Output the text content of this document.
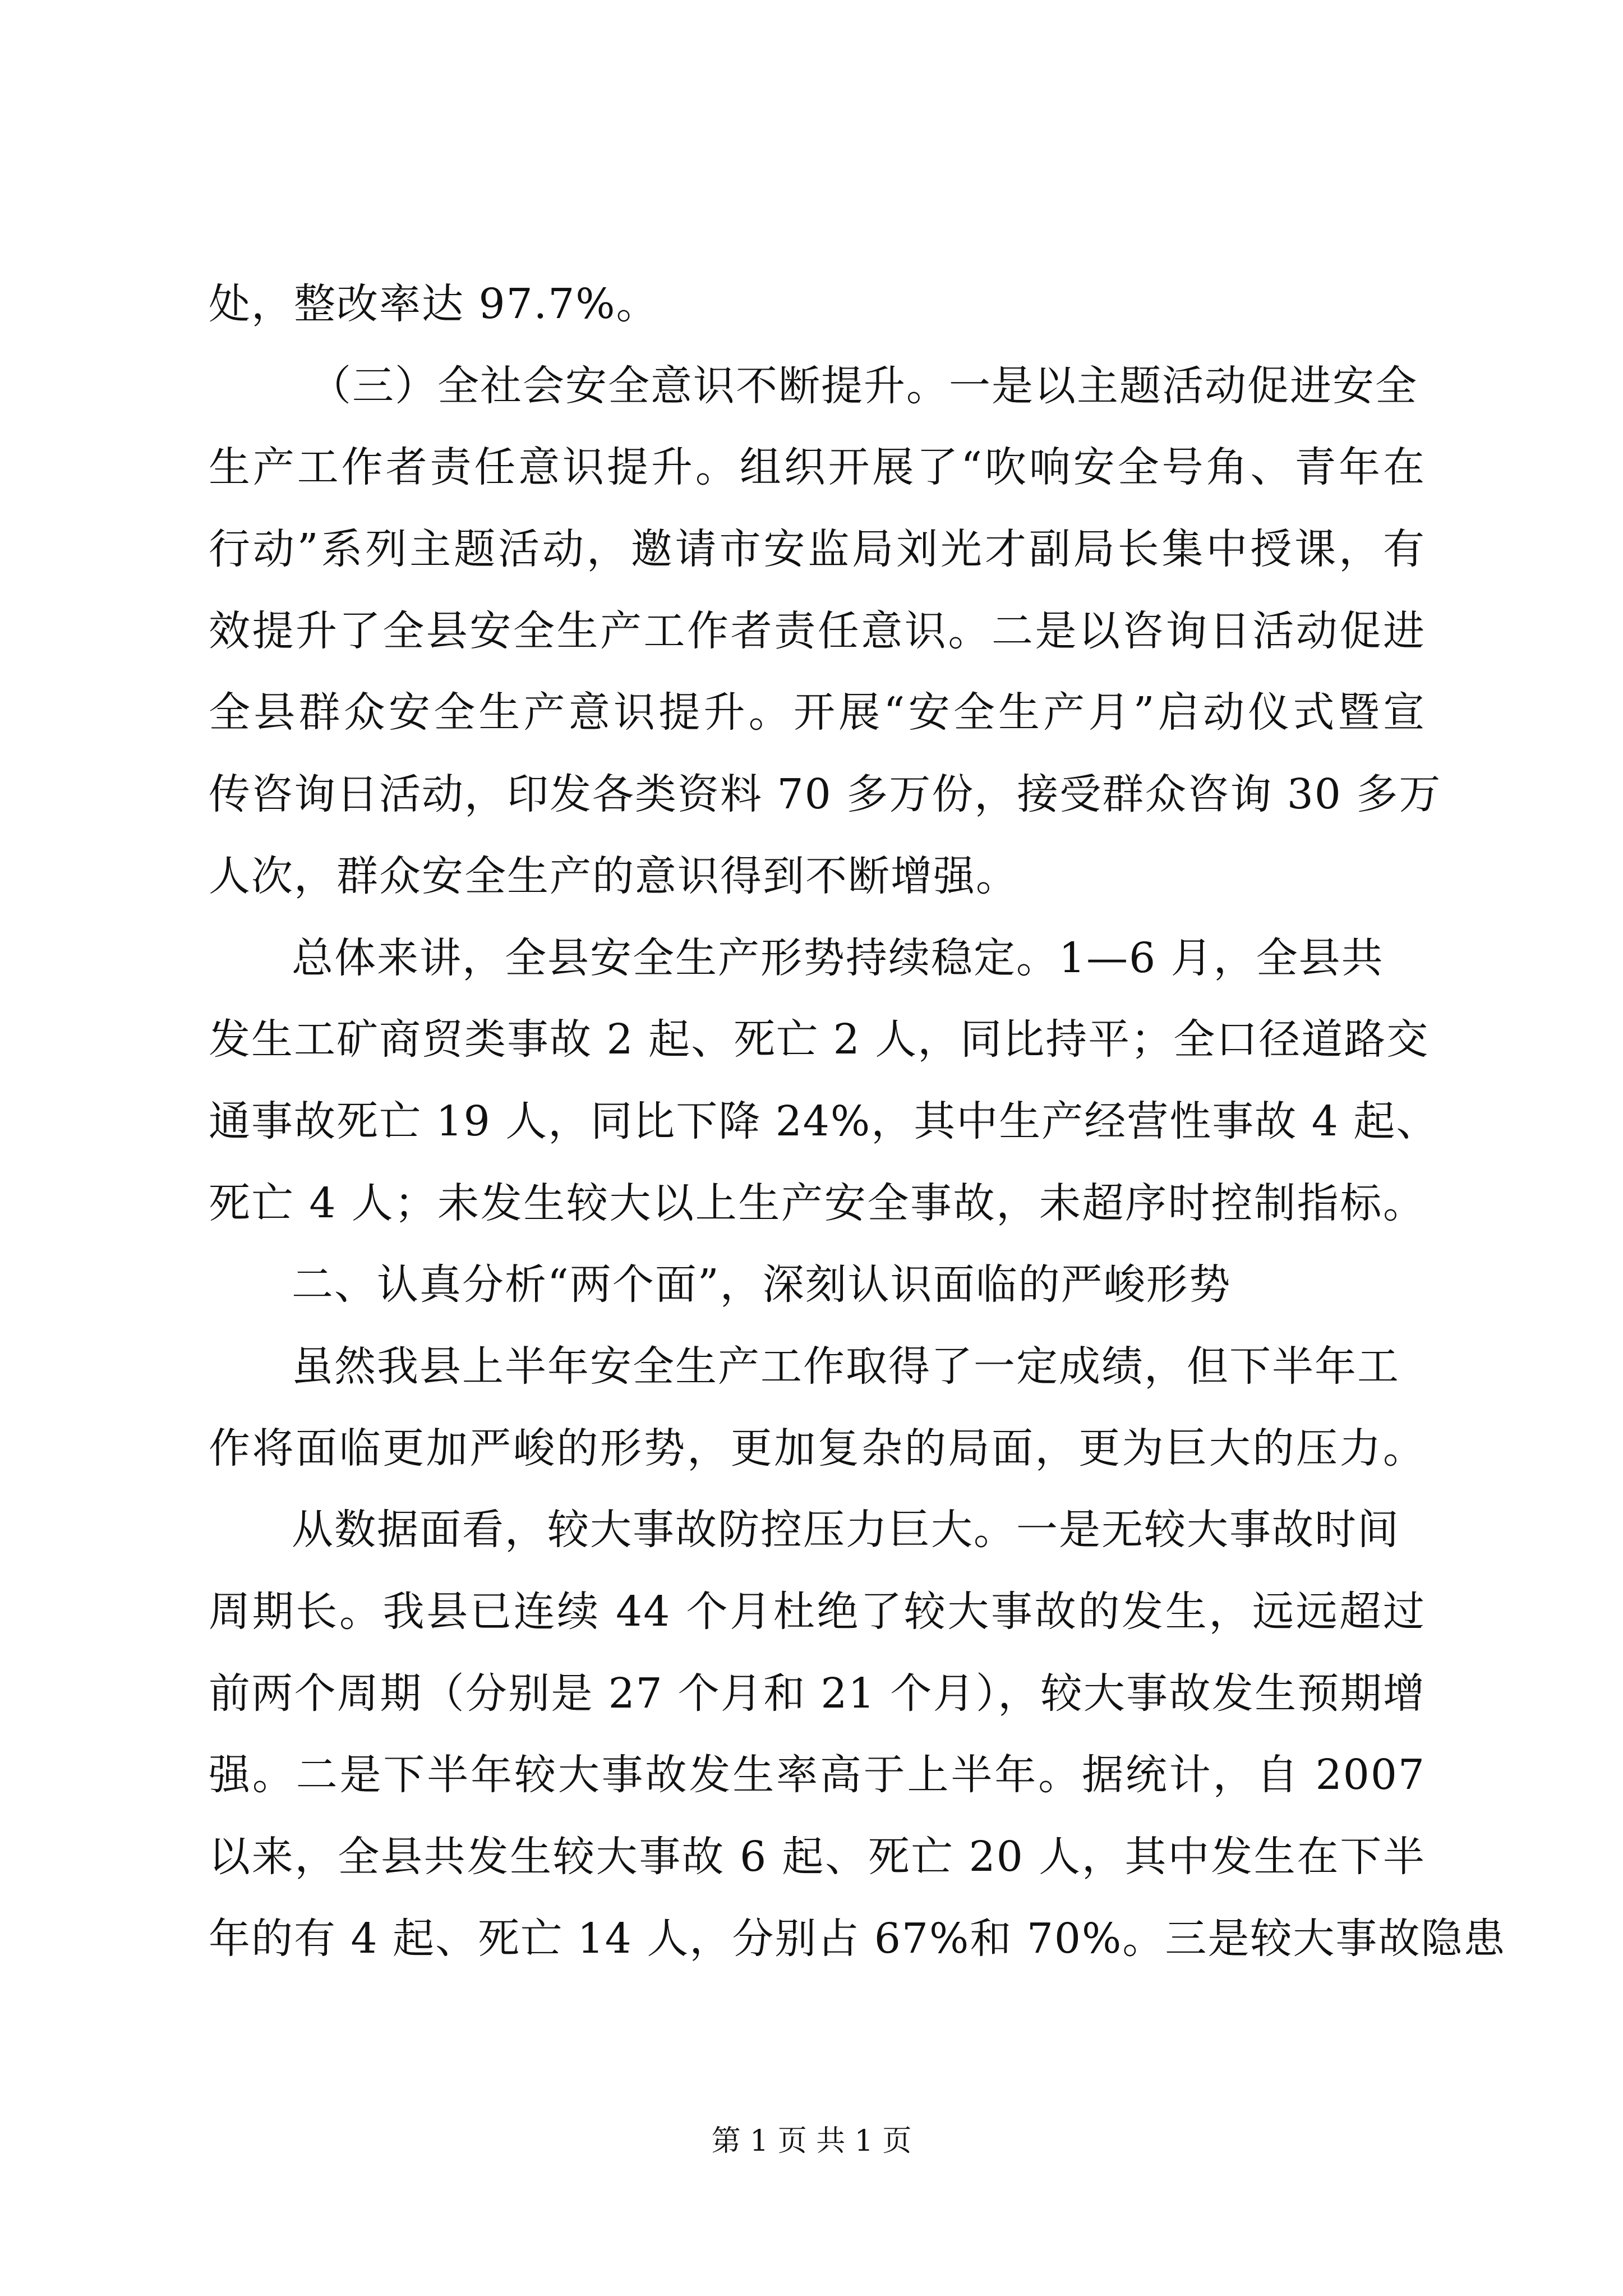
处，整改率达 97.7%。
（三）全社会安全意识不断提升。一是以主题活动促进安全
生产工作者责任意识提升。组织开展了“吹响安全号角、青年在
行动”系列主题活动，邀请市安监局刘光才副局长集中授课，有
效提升了全县安全生产工作者责任意识。二是以咨询日活动促进
全县群众安全生产意识提升。开展“安全生产月”启动仪式暨宣
传咨询日活动，印发各类资料 70 多万份，接受群众咨询 30 多万
人次，群众安全生产的意识得到不断增强。
总体来讲，全县安全生产形势持续稳定。1—6 月，全县共
发生工矿商贸类事故 2 起、死亡 2 人，同比持平；全口径道路交
通事故死亡 19 人，同比下降 24%，其中生产经营性事故 4 起、
死亡 4 人；未发生较大以上生产安全事故，未超序时控制指标。
二、认真分析“两个面”，深刻认识面临的严峻形势
虽然我县上半年安全生产工作取得了一定成绩，但下半年工
作将面临更加严峻的形势，更加复杂的局面，更为巨大的压力。
从数据面看，较大事故防控压力巨大。一是无较大事故时间
周期长。我县已连续 44 个月杜绝了较大事故的发生，远远超过
前两个周期（分别是 27 个月和 21 个月），较大事故发生预期增
强。二是下半年较大事故发生率高于上半年。据统计，自 2007
以来，全县共发生较大事故 6 起、死亡 20 人，其中发生在下半
年的有 4 起、死亡 14 人，分别占 67%和 70%。三是较大事故隐患
第 1 页 共 1 页
